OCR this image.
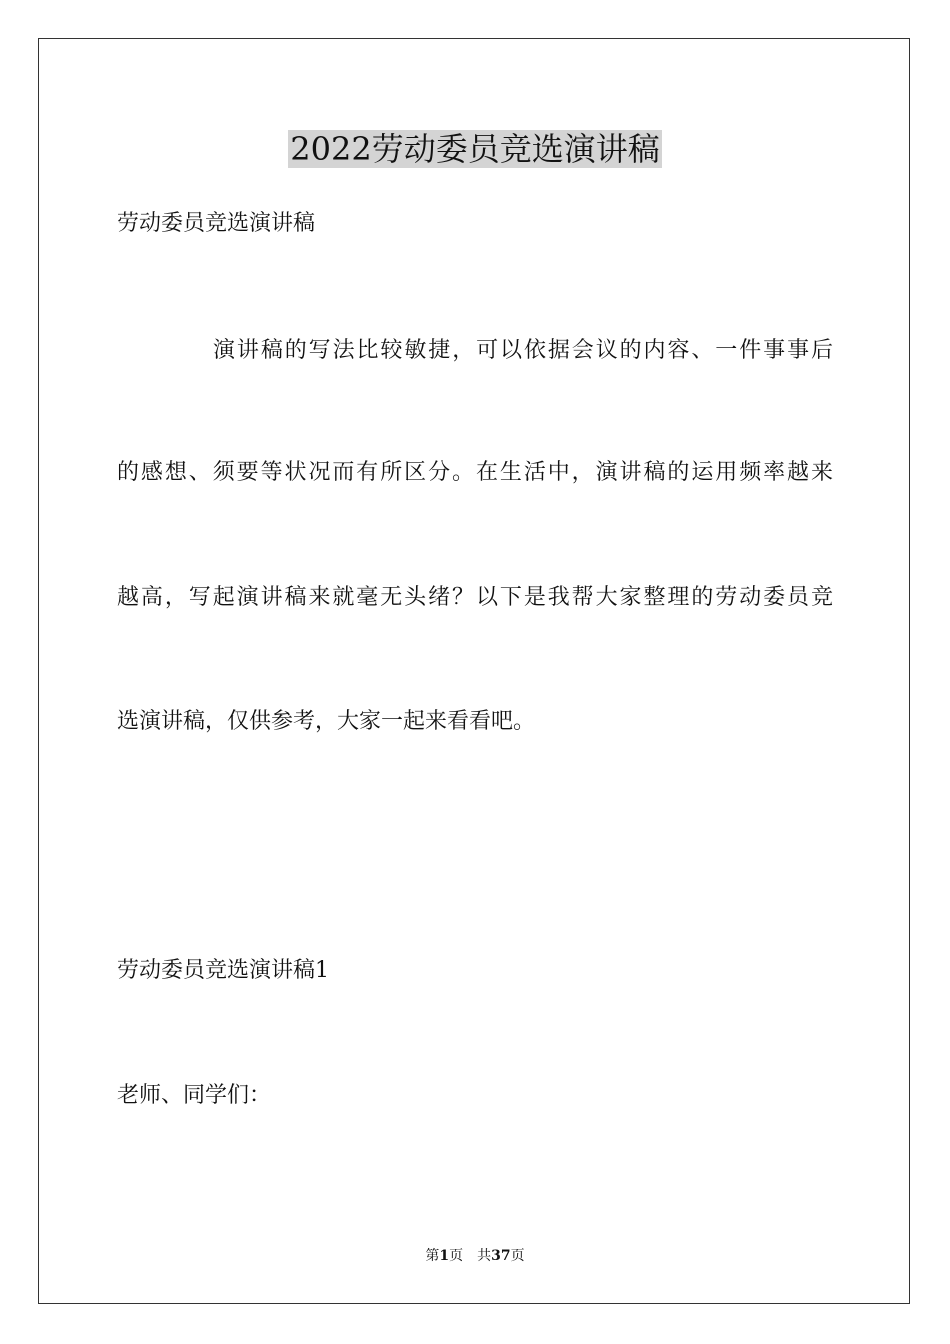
2022劳动委员竞选演讲稿

劳动委员竞选演讲稿

演讲稿的写法比较敏捷，可以依据会议的内容、一件事事后

的感想、须要等状况而有所区分。在生活中，演讲稿的运用频率越来

越高，写起演讲稿来就毫无头绪？以下是我帮大家整理的劳动委员竞

选演讲稿，仅供参考，大家一起来看看吧。

劳动委员竞选演讲稿1

老师、同学们：

第1页 共37页
